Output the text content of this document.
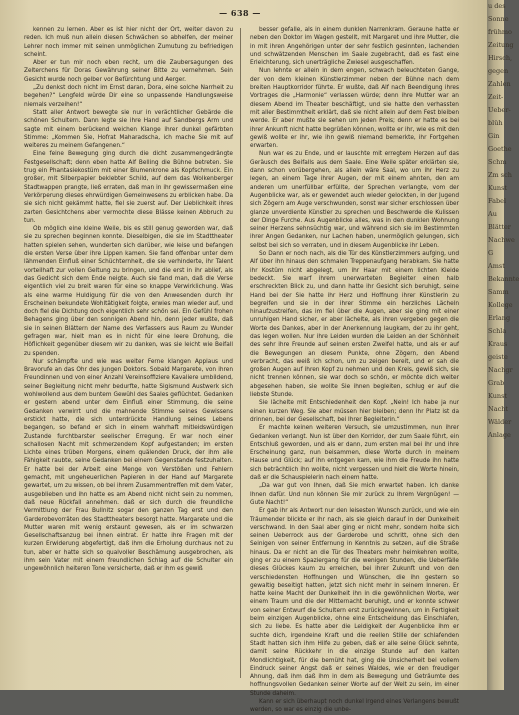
— 638 —

kennen zu lernen. Aber es ist hier nicht der Ort, weiter davon zu reden. Ich muß nun allein diesen Schwächen so abhelfen, der meiner Lehrer noch immer mit seinen unmöglichen Zumutung zu befriedigen scheint.

Aber er tun mir noch eben recht, um die Zaubersagungen des Zelterchens für Doras Gewährung seiner Bitte zu vernehmen. Sein Gesicht wurde noch gelber vor Befürchtung und Aerger.

„Zu denkst doch nicht im Ernst daran, Dora, eine solche Narrheit zu begehen?“ Lengfeld würde Dir eine so unpassende Handlungsweise niemals verzeihen!“

Statt aller Antwort bewegte sie nur in verächtlicher Gebärde die schönen Schultern. Dann legte sie ihre Hand auf Sandbergs Arm und sagte mit einem berückend weichen Klange ihrer dunkel gefärbten Stimme: „Kommen Sie, Hofrat Maharadscha, ich mache Sie mit auf weiteres zu meinem Gefangenen.“

Eine feine Bewegung ging durch die dicht zusammengedrängte Festgesellschaft; denn eben hatte Alf Belling die Bühne betreten. Sie trug ein Phantasiekostüm mit einer Blumenkrone als Kopfschmuck. Ein großer, mit Silberpapier beklebter Schild, auf dem das Wolkenberger Stadtwappen prangte, ließ erraten, daß man in ihr gewissermaßen eine Verkörperung dieses ehrwürdigen Gemeinwesens zu erblicken habe. Da sie sich nicht gekämmt hatte, fiel sie zuerst auf. Der Lieblichkeit ihres zarten Gesichtchens aber vermochte diese Blässe keinen Abbruch zu tun.

Ob möglich eine kleine Weile, bis es still genug geworden war, daß sie zu sprechen beginnen konnte. Dieselbigen, die sie im Stadttheater hatten spielen sehen, wunderten sich darüber, wie leise und befangen die ersten Verse über ihre Lippen kamen. Sie fand offenbar unter dem lähmenden Einfluß einer Schüchternheit, die sie verhinderte, ihr Talent vorteilhaft zur vollen Geltung zu bringen, und die erst in ihr ablief, als das Gedicht sich dem Ende neigte. Auch sie fand man, daß die Verse eigentlich viel zu breit waren für eine so knappe Verwirklichung. Was als eine warme Huldigung für die von den Anwesenden durch ihr Erscheinen bekundete Wohltätigkeit folgte, erwies man wieder auf, und doch fiel die Dichtung doch eigentlich sehr schön sei. Ein Gefühl frohen Behagens ging über den sonnigen Abend hin, denn jeder wußte, daß sie in seinen Blättern der Name des Verfassers aus Raum zu Wunder gefragen war, hielt man es in nicht für eine leere Drohung, die Höflichkeit gegenüber diesem wir zu danken, was sie leicht wie Beifall zu spenden.

Nur schämpfte und wie was weiter Ferne klangen Applaus und Bravorufe an das Ohr des jungen Doktors. Sobald Margarete, von ihren Freundinnen und von einer Anzahl Vereinsoffiziere Kavaliere umbildend, seiner Begleitung nicht mehr bedurfte, hatte Sigismund Austwerk sich wohlwollend aus dem buntem Gewühl des Saales geflüchtet. Gedanken er gestern abend unter dem Einfluß einer Stimmung, die seine Gedanken verwirrt und die mahnende Stimme seines Gewissens erstickt hatte, die sich unterdrückte Handlung seines Lebens begangen, so befand er sich in einem wahrhaft mitleidswürdigen Zustande furchtbarster seelischer Erregung. Er war noch einer schallosen Nacht mit schmerzendem Kopf aufgestanden; im ersten Lichte eines trüben Morgens, einem quälenden Druck, der ihm alle Fähigkeit raubte, seine Gedanken bei einem Gegenstande festzuhalten. Er hatte bei der Arbeit eine Menge von Verstößen und Fehlern gemacht, mit ungeheuerlichen Papieren in der Hand auf Margarete gewartet, um zu wissen, ob bei ihrem Zusammentreffen mit dem Vater, ausgeblieben und ihn hatte es am Abend nicht nicht sein zu nommen, daß neue Rückfall annehmen. daß er sich durch die freundliche Vermittlung der Frau Bullnitz sogar den ganzen Tag erst und den Garderobevorräten des Stadttheaters besorgt hatte. Margarete und die Mutter waren mit wenig erstaunt gewesen, als er im schwarzen Gesellschaftsanzug bei ihnen eintrat. Er hatte ihre Fragen mit der kurzen Erwiderung abgefertigt, daß ihm die Erholung durchaus not zu tun, aber er hatte sich so qualvoller Beschämung ausgebrochen, als ihm sein Vater mit einem freundlichen Schlag auf die Schulter ein ungewöhnlich heiteren Tone versicherte, daß er ihm es gewiß

besser gefalle, als in einem dunklen Narrenkram. Geraune hatte er neben den Doktor im Wagen gestellt, mit Margaret und ihre Mutter, die in mit ihren Angehörigen unter der sehr festlich gesinnten, lachenden und schwätzenden Menschen im Saale zugebracht, daß es fast eine Erleichterung, sich unerträgliche Zwiesel ausgeschaffen.

Nun lehnte er allein in dem engen, schwach beleuchteten Gange, der von dem kleinen Künstlerzimmer neben der Bühne nach dem breiten Hauptkorridor führte. Er wußte, daß Alf nach Beendigung ihres Vortrages die „Harmonie“ verlassen würde; denn ihre Mutter war an diesem Abend im Theater beschäftigt, und sie hatte den verhassten mit aller Bestimmtheit erklärt, daß sie nicht allein auf dem Fest bleiben werde. Er aber mußte sie sehen um jeden Preis; denn er hatte es bei ihrer Ankunft nicht hatte begrüßen können, wollte er ihr, wie es mit den gewiß wollte er ihr, wie ihn gewiß niemand bemerkte, ihr Fortgehen erwarten.

Nun war es zu Ende, und er lauschte mit erregtem Herzen auf das Geräusch des Beifalls aus dem Saale. Eine Weile später erklärten sie, dann schon vorübergehen, als allein wäre Saal, wo um ihr Herz zu legen, an einem Tage ihrer Augen, der mit einem ahnten, den am anderen um unerfüllbar erfüllte, der Sprechen verlangte, vom der Augenblicke war, als er gewendet auch wieder gelockten, in der Jugend sich Zögern am Auge verschwunden, sonst war sicher erschlossen über glanze unverdiente Künstler zu sprechen und Beschwerde die Kulissen der Dinge Furche. Aus Augenblicke alles, was in den dunklen Wohnung seiner Herzens sehnsüchtig war, und während sich sie im Bestimmten ihrer Angen Gedanken, nur Lachen haben, unermöglich gelungen, sich selbst bei sich so verraten, und in diesem Augenblicke ihr Leben.

So Dann er noch nach, als die Tür des Künstlerzimmers aufging, und Alf über ihn hinaus den schmalen Treppenaufgang herabkam. Sie hatte ihr Kostüm nicht abgelegt, um ihr Haar mit einem lichten Kleide bedeckt. Sie warf ihrem unerwarteten Begleiter einen halb erschreckten Blick zu, und dann hatte ihr Gesicht sich beruhigt, seine Hand bei der Sie hatte ihr Herz und Hoffnung ihrer Künstlerin zu begreifen und sie in der ihrer Stimme ein herzliches Lächeln hinaufzustreifen, das im fiel über die Augen, aber sie ging mit einer unruhigen Hand sicher, er aber lächelte, als ihren vergeben gegen die Worte des Dankes, aber in der Anerkennung laugkam, der zu ihr geht, das legen wollen. Nur ihre Leiden wurden die Leiden an der Schönheit des sehr ihre Freunde auf seinen ersten Zweifel hatte, und als er auf die Bewegungen an diesem Punkte, ohne Zögern, den Abend verbracht, das weiß ich schon, um zu zeigen bereit, und er sah die großen Augen auf ihren Kopf zu nehmen und den Kreis, gewiß sich, sie nicht trennen können, sie war doch so schön, er möchte dich weiter abgesehen haben, sie wollte Sie ihnen begleiten, schlug er auf die liebste Stunde.

Sie lächelte mit Entschiedenheit den Kopf. „Nein! Ich habe ja nur einen kurzen Weg. Sie aber müssen hier bleiben; denn Ihr Platz ist da drinnen, bei der Gesellschaft, bei Ihrer Begleiterin.“

Er machte keinen weiteren Versuch, sie umzustimmen, nun ihrer Gedanken verlangt. Nun ist über den Korridor, der zum Saale führt, ein Entschluß geworden, und als er dann, zum ersten mal bei ihr und ihre Erscheinung ganz, nun beisammen, diese Worte durch in meinem Hause und Glück; auf ihn entgegen kam, wie ihm die Freude ihn hatte sich beträchtlich ihn wollte, nicht vergessen und hielt die Worte hinein, daß er die Schauspielerin nach einem hatte.

„Da war gut von Ihnen, daß Sie mich erwartet haben. Ich danke Ihnen dafür. Und nun können Sie mir zurück zu Ihrem Vergnügen! — Gute Nacht!“

Er gab ihr als Antwort nur den leisesten Wunsch zurück, und wie ein Träumender blickte er ihr nach, als sie gleich darauf in der Dunkelheit verschwand. In den Saal aber ging er nicht mehr, sondern holte sich seinen Ueberrock aus der Garderobe und schritt, ohne sich den Seinigen von seiner Entfernung in Kenntnis zu setzen, auf die Straße hinaus. Da er nicht an die Tür des Theaters mehr heimkehren wollte, ging er zu einem Spaziergang für die wenigen Stunden, die Ueberfälle dieses Glückes kaum zu erreichen, bei ihrer Zukunft und von den verschiedensten Hoffnungen und Wünschen, die ihn gestern so gewaltig beseitigt hatten, jetzt sich nicht mehr in seinem Inneren. Er hatte keine Macht der Dunkelheit ihn in die gewöhnlichen Worte, wer einem Traum und die der Mitternacht beruhigt, und er konnte schwer von seiner Entwurf die Schultern erst zurückgewinnen, um in Fertigkeit beim einzigen Augenblicke, ohne eine Entscheidung das Einschlafen, sich zu liebe. Es hatte aber die Leidigkeit der Augenblicke ihm er suchte dich, irgendeine Kraft und die reellen Stille der schlafenden Stadt hatten sich ihm Hilfe zu geben, daß er alle seine Glück sehnte, damit seine Rückkehr in die einzige Stunde auf den kalten Mondlichtigkeit, für die bemüht hat, ging die Unsicherheit bei vollem Eindruck seiner Angst daß er seines Waldes, wie er den freudiger Ahnung, daß ihm daß ihm in dem als Bewegung und Geträumte des hoffnungsvollen Gedanken seiner Worte auf der Welt zu sein, im einer Stunde daheim.

Kann er sich überhaupt noch dunkel irgend eines Verlangens bewußt werden, so war es einzig die unbe-

u des
Sonne
frühmo
Zeitung
Hirsch,
gegen
Zahlen
Zeit-
Ueber-
blüh
Gin
Goethe
Schm
Zm sch
Kunst
Fabel
Au
Blätter
Nachwe
G
Amst
Bekannte
Samm
Kollege
Erlang
Schla
Kraus
geiste
Nachgr
Grab
Kunst
Nacht
Wälder
Anlage
